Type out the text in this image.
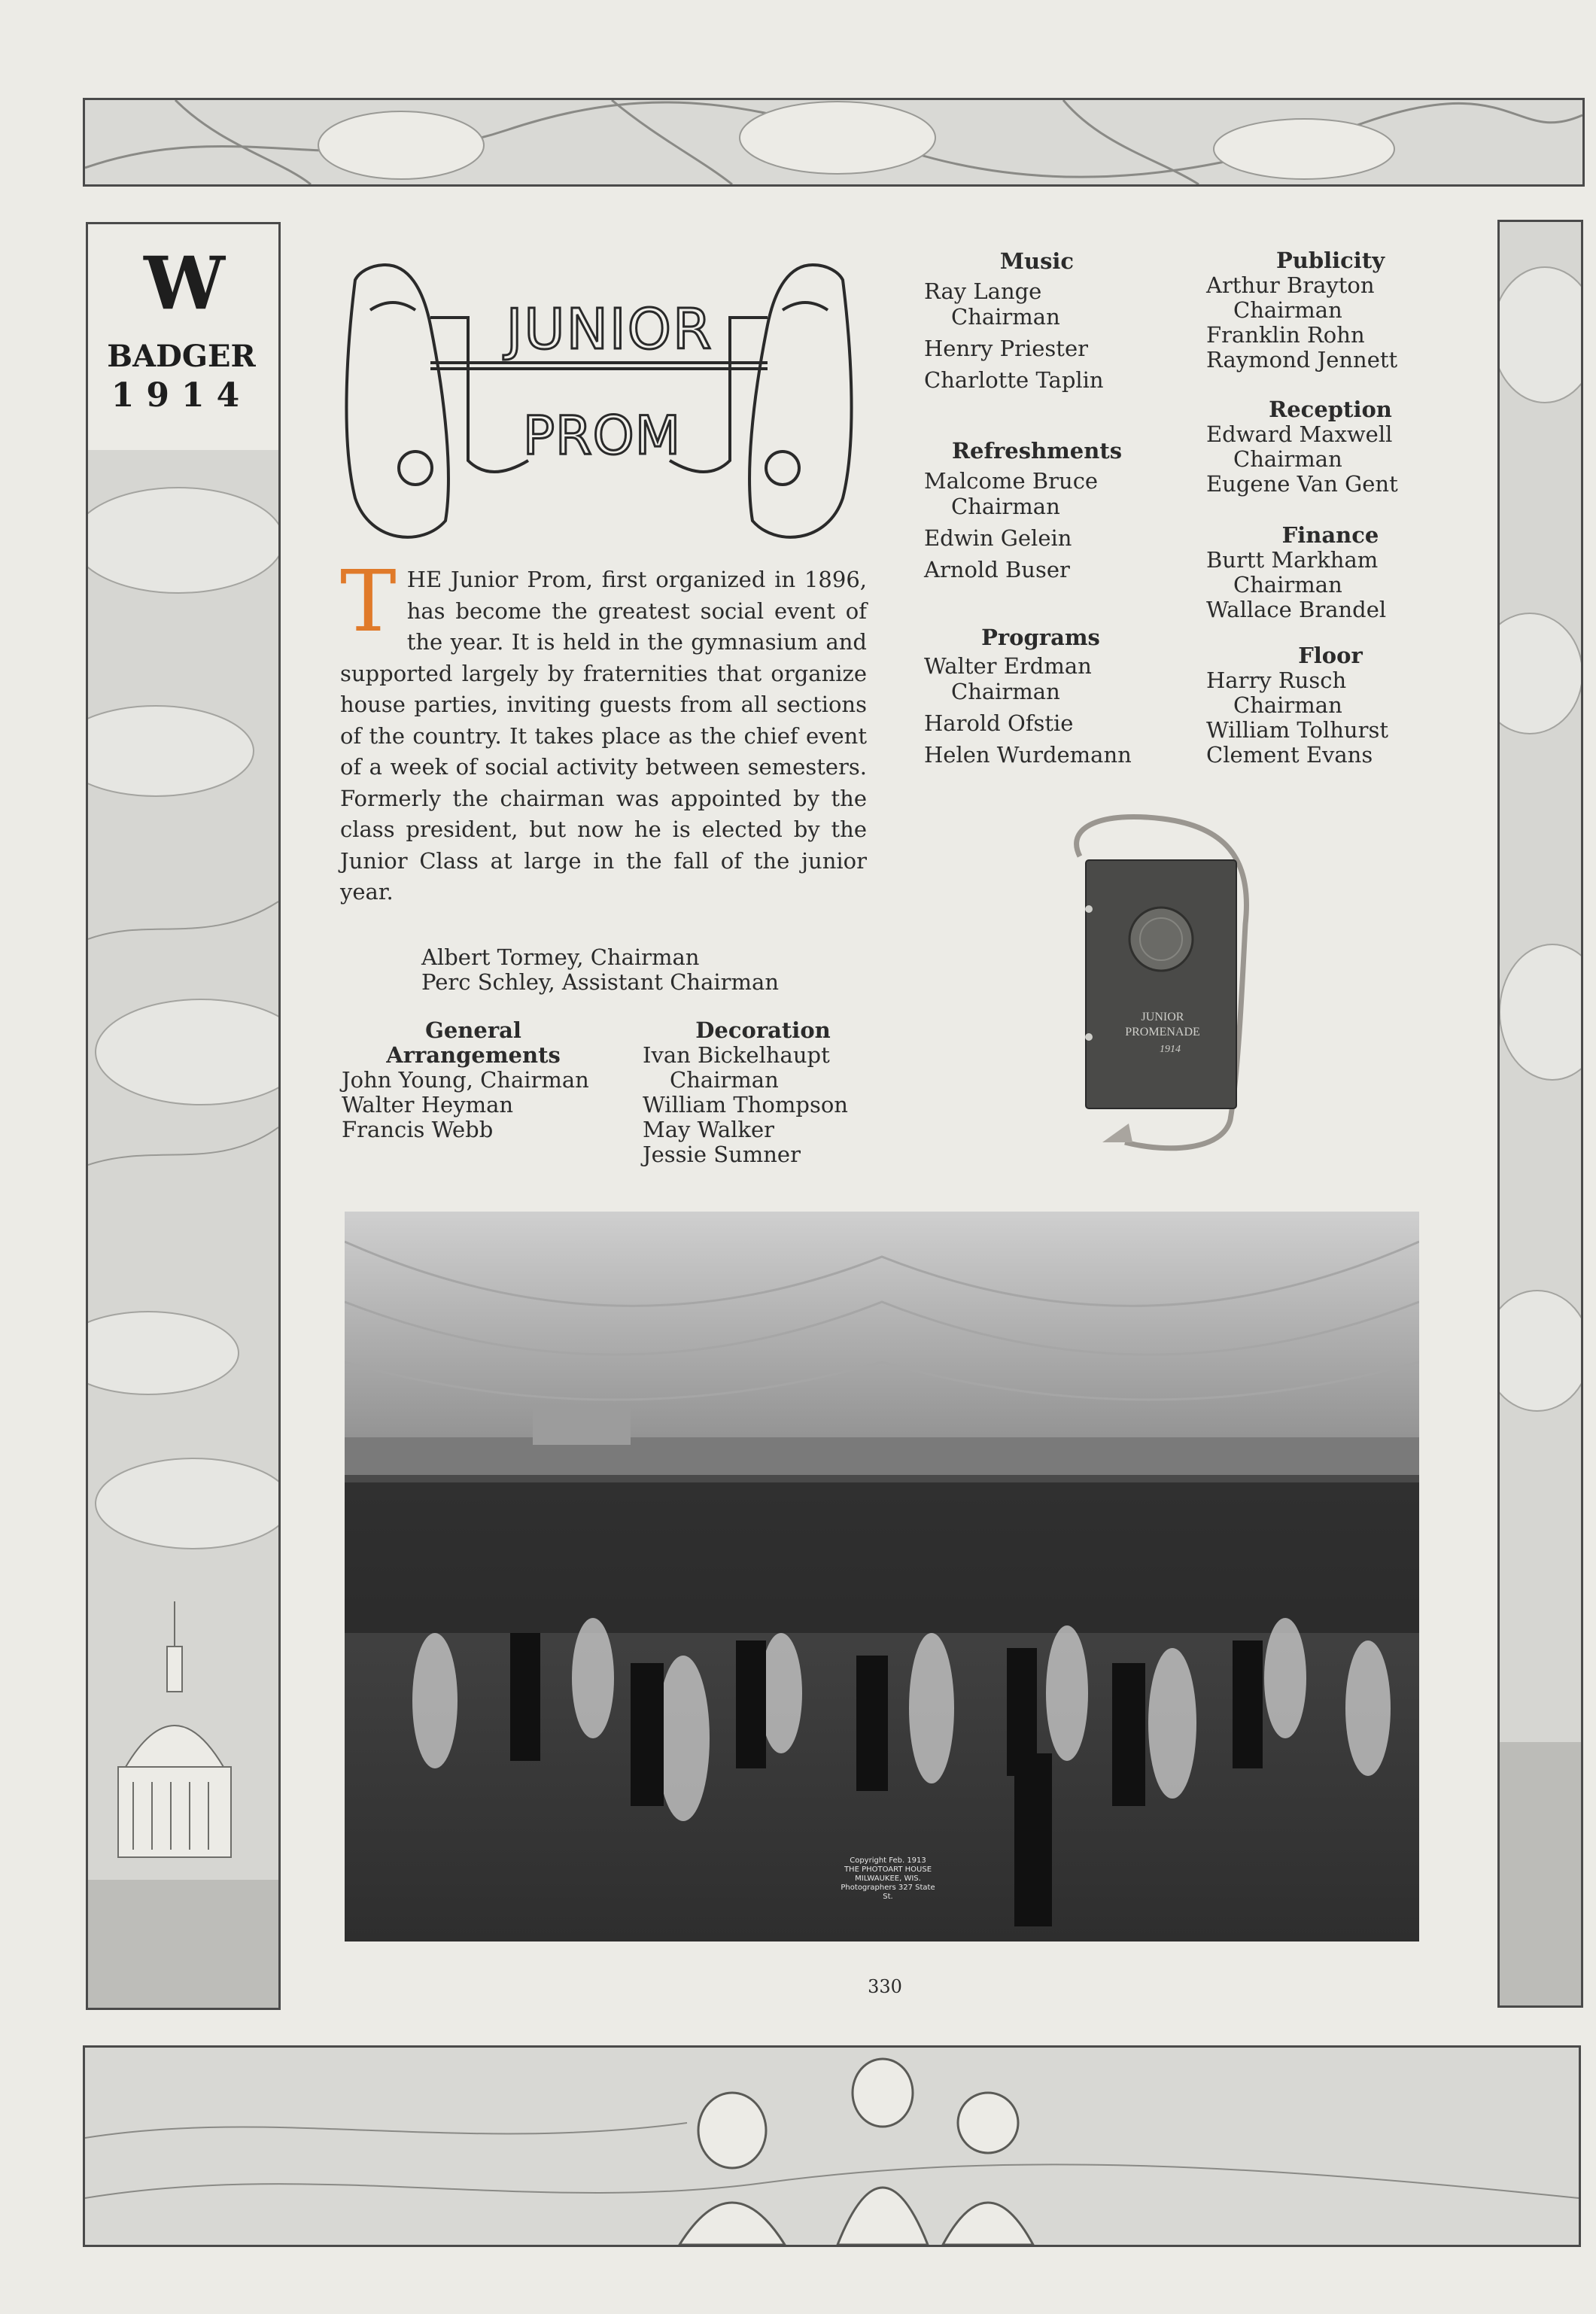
W
BADGER
1914
JUNIOR
PROM
THE Junior Prom, first organized in 1896, has become the greatest social event of the year. It is held in the gymnasium and supported largely by fraternities that organize house parties, inviting guests from all sections of the country. It takes place as the chief event of a week of social activity between semesters. Formerly the chairman was appointed by the class president, but now he is elected by the Junior Class at large in the fall of the junior year.
Albert Tormey, Chairman
Perc Schley, Assistant Chairman
General
Arrangements
John Young, Chairman
Walter Heyman
Francis Webb
Decoration
Ivan Bickelhaupt
Chairman
William Thompson
May Walker
Jessie Sumner
Music
Ray Lange
Chairman
Henry Priester
Charlotte Taplin
Refreshments
Malcome Bruce
Chairman
Edwin Gelein
Arnold Buser
Programs
Walter Erdman
Chairman
Harold Ofstie
Helen Wurdemann
Publicity
Arthur Brayton
Chairman
Franklin Rohn
Raymond Jennett
Reception
Edward Maxwell
Chairman
Eugene Van Gent
Finance
Burtt Markham
Chairman
Wallace Brandel
Floor
Harry Rusch
Chairman
William Tolhurst
Clement Evans
JUNIOR
PROMENADE
1914
Copyright Feb. 1913
THE PHOTOART HOUSE
MILWAUKEE, WIS.
Photographers 327 State St.
330
